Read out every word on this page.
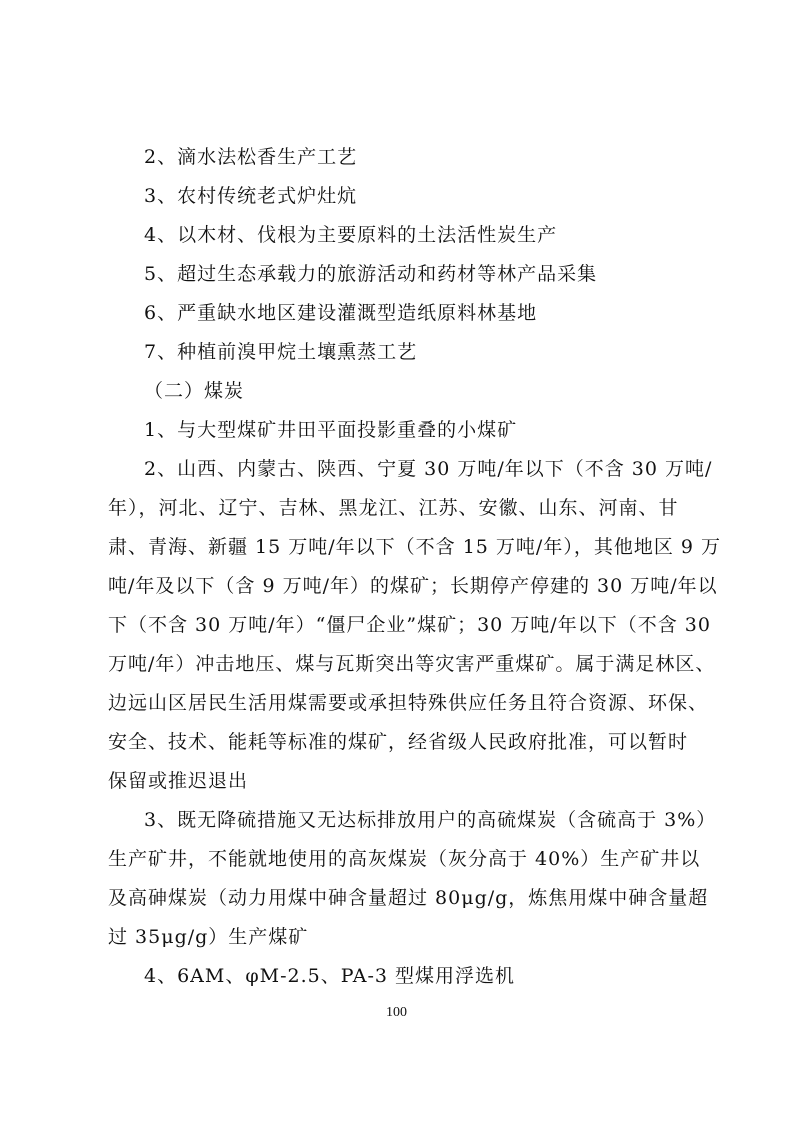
2、滴水法松香生产工艺
3、农村传统老式炉灶炕
4、以木材、伐根为主要原料的土法活性炭生产
5、超过生态承载力的旅游活动和药材等林产品采集
6、严重缺水地区建设灌溉型造纸原料林基地
7、种植前溴甲烷土壤熏蒸工艺
（二）煤炭
1、与大型煤矿井田平面投影重叠的小煤矿
2、山西、内蒙古、陕西、宁夏 30 万吨/年以下（不含 30 万吨/
年），河北、辽宁、吉林、黑龙江、江苏、安徽、山东、河南、甘
肃、青海、新疆 15 万吨/年以下（不含 15 万吨/年），其他地区 9 万
吨/年及以下（含 9 万吨/年）的煤矿；长期停产停建的 30 万吨/年以
下（不含 30 万吨/年）“僵尸企业”煤矿；30 万吨/年以下（不含 30
万吨/年）冲击地压、煤与瓦斯突出等灾害严重煤矿。属于满足林区、
边远山区居民生活用煤需要或承担特殊供应任务且符合资源、环保、
安全、技术、能耗等标准的煤矿，经省级人民政府批准，可以暂时
保留或推迟退出
3、既无降硫措施又无达标排放用户的高硫煤炭（含硫高于 3%）
生产矿井，不能就地使用的高灰煤炭（灰分高于 40%）生产矿井以
及高砷煤炭（动力用煤中砷含量超过 80μg/g，炼焦用煤中砷含量超
过 35μg/g）生产煤矿
4、6AM、φM-2.5、PA-3 型煤用浮选机
100
